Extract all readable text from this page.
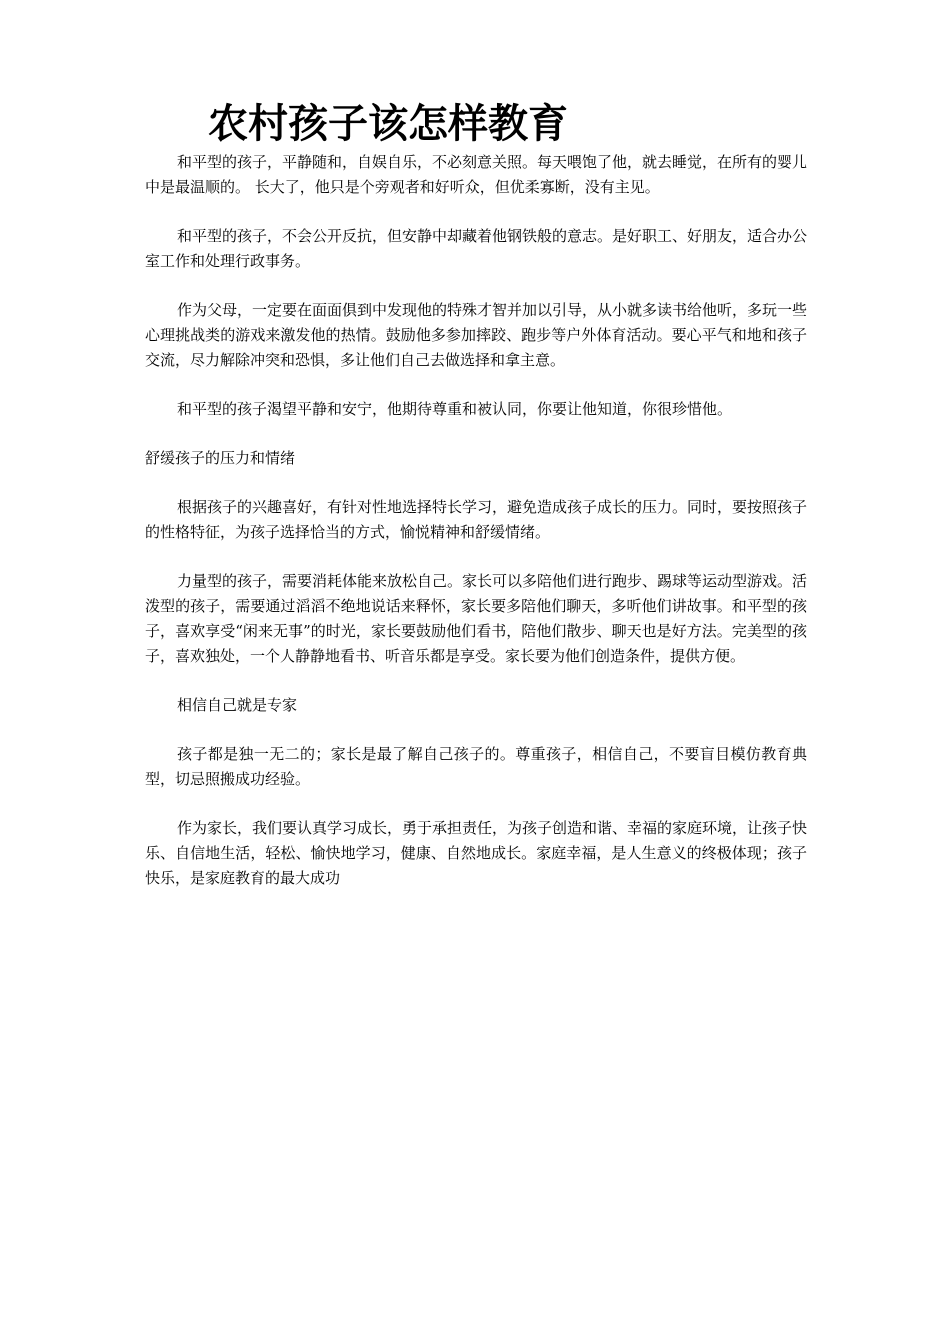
农村孩子该怎样教育

和平型的孩子，平静随和，自娱自乐，不必刻意关照。每天喂饱了他，就去睡觉，在所有的婴儿中是最温顺的。 长大了，他只是个旁观者和好听众，但优柔寡断，没有主见。

和平型的孩子，不会公开反抗，但安静中却藏着他钢铁般的意志。是好职工、好朋友，适合办公室工作和处理行政事务。

作为父母，一定要在面面俱到中发现他的特殊才智并加以引导，从小就多读书给他听，多玩一些心理挑战类的游戏来激发他的热情。鼓励他多参加摔跤、跑步等户外体育活动。要心平气和地和孩子交流，尽力解除冲突和恐惧，多让他们自己去做选择和拿主意。

和平型的孩子渴望平静和安宁，他期待尊重和被认同，你要让他知道，你很珍惜他。

舒缓孩子的压力和情绪

根据孩子的兴趣喜好，有针对性地选择特长学习，避免造成孩子成长的压力。同时，要按照孩子的性格特征，为孩子选择恰当的方式，愉悦精神和舒缓情绪。

力量型的孩子，需要消耗体能来放松自己。家长可以多陪他们进行跑步、踢球等运动型游戏。活泼型的孩子，需要通过滔滔不绝地说话来释怀，家长要多陪他们聊天，多听他们讲故事。和平型的孩子，喜欢享受“闲来无事”的时光，家长要鼓励他们看书，陪他们散步、聊天也是好方法。完美型的孩子，喜欢独处，一个人静静地看书、听音乐都是享受。家长要为他们创造条件，提供方便。

相信自己就是专家

孩子都是独一无二的；家长是最了解自己孩子的。尊重孩子，相信自己，不要盲目模仿教育典型，切忌照搬成功经验。

作为家长，我们要认真学习成长，勇于承担责任，为孩子创造和谐、幸福的家庭环境，让孩子快乐、自信地生活，轻松、愉快地学习，健康、自然地成长。家庭幸福，是人生意义的终极体现；孩子快乐，是家庭教育的最大成功
